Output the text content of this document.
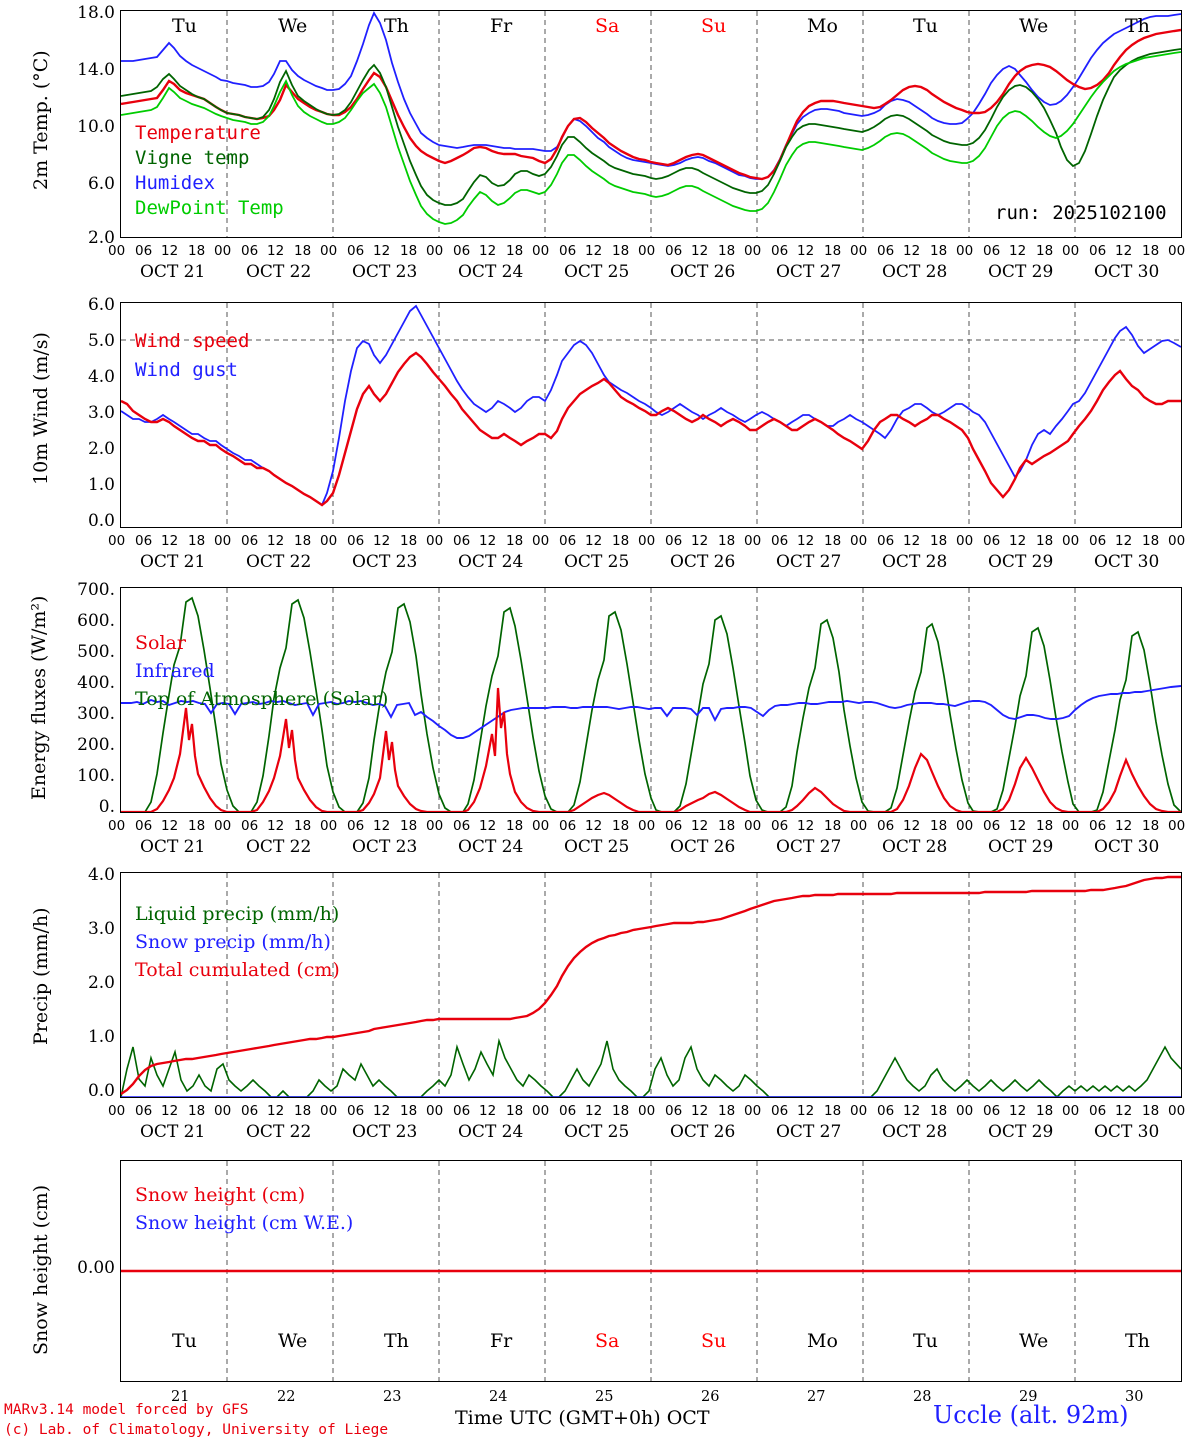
2m Temp. (°C)
18.0
14.0
10.0
6.0
2.0
Tu	We	Th	Fr	Sa	Su	Mo	Tu	We	Th
Temperature
Vigne temp
Humidex
DewPoint Temp	run: 2025102100
00 06 12 18 00 06 12 18 00 06 12 18 00 06 12 18 00 06 12 18 00 06 12 18 00 06 12 18 00 06 12 18 00 06 12 18 00 06 12 18 00
OCT 21 OCT 22 OCT 23 OCT 24 OCT 25 OCT 26 OCT 27 OCT 28 OCT 29 OCT 30
10m Wind (m/s)
6.0
5.0
4.0
3.0
2.0
1.0
0.0
Wind speed
Wind gust
00 06 12 18 00 06 12 18 00 06 12 18 00 06 12 18 00 06 12 18 00 06 12 18 00 06 12 18 00 06 12 18 00 06 12 18 00 06 12 18 00
OCT 21 OCT 22 OCT 23 OCT 24 OCT 25 OCT 26 OCT 27 OCT 28 OCT 29 OCT 30
Energy fluxes (W/m²)
700.
600.
500.
400.
300.
200.
100.
0.
Solar
Infrared
Top of Atmosphere (Solar)
00 06 12 18 00 06 12 18 00 06 12 18 00 06 12 18 00 06 12 18 00 06 12 18 00 06 12 18 00 06 12 18 00 06 12 18 00 06 12 18 00
OCT 21 OCT 22 OCT 23 OCT 24 OCT 25 OCT 26 OCT 27 OCT 28 OCT 29 OCT 30
Precip (mm/h)
4.0
3.0
2.0
1.0
0.0
Liquid precip (mm/h)
Snow precip (mm/h)
Total cumulated (cm)
00 06 12 18 00 06 12 18 00 06 12 18 00 06 12 18 00 06 12 18 00 06 12 18 00 06 12 18 00 06 12 18 00 06 12 18 00 06 12 18 00
OCT 21 OCT 22 OCT 23 OCT 24 OCT 25 OCT 26 OCT 27 OCT 28 OCT 29 OCT 30
Snow height (cm)	0.00
Snow height (cm)
Snow height (cm W.E.)
Tu	We	Th	Fr	Sa	Su	Mo	Tu	We	Th
21	22	23	24	25	26	27	28	29	30
Time UTC (GMT+0h) OCT	Uccle (alt. 92m)
MARv3.14 model forced by GFS
(c) Lab. of Climatology, University of Liege
